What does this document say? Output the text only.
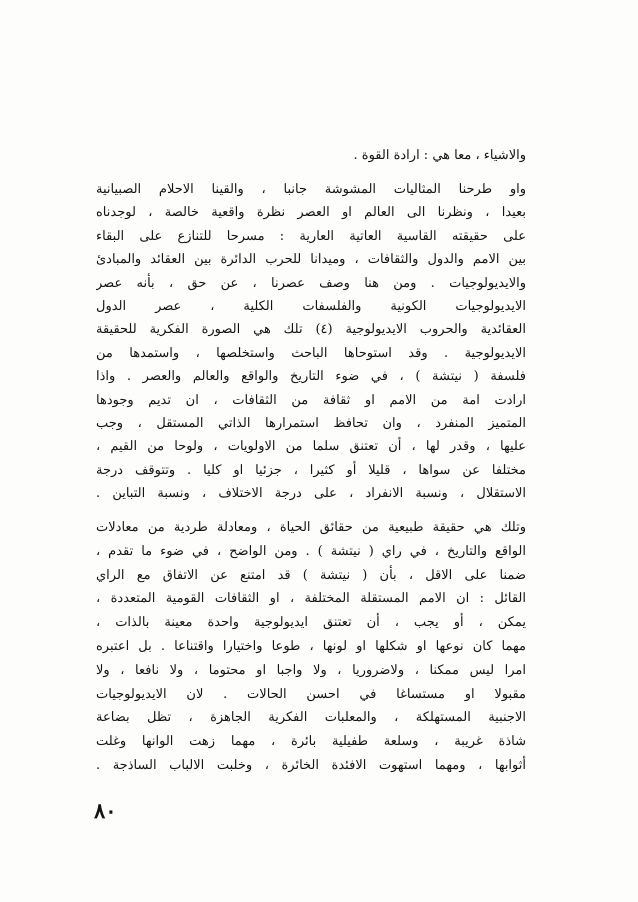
والاشياء ، معا هي : ارادة القوة .
واو طرحنا المثاليات المشوشة جانبا ، والقينا الاحلام الصبيانية
بعيدا ، ونظرنا الى العالم او العصر نظرة واقعية خالصة ، لوجدناه
على حقيقته القاسية العاتية العارية : مسرحا للتنازع على البقاء
بين الامم والدول والثقافات ، وميدانا للحرب الدائرة بين العقائد والمبادئ
والايديولوجيات . ومن هنا وصف عصرنا ، عن حق ، بأنه عصر
الايديولوجيات الكونية والفلسفات الكلية ، عصر الدول
العقائدية والحروب الايديولوجية (٤) تلك هي الصورة الفكرية للحقيقة
الايديولوجية . وقد استوحاها الباحث واستخلصها ، واستمدها من
فلسفة ( نيتشة ) ، في ضوء التاريخ والواقع والعالم والعصر . واذا
ارادت امة من الامم او ثقافة من الثقافات ، ان تديم وجودها
المتميز المنفرد ، وان تحافظ استمرارها الذاتي المستقل ، وجب
عليها ، وقدر لها ، أن تعتنق سلما من الاولويات ، ولوحا من القيم ،
مختلفا عن سواها ، قليلا أو كثيرا ، جزئيا او كليا . وتتوقف درجة
الاستقلال ، ونسبة الانفراد ، على درجة الاختلاف ، ونسبة التباين .
وتلك هي حقيقة طبيعية من حقائق الحياة ، ومعادلة طردية من معادلات
الواقع والتاريخ ، في راي ( نيتشة ) . ومن الواضح ، في ضوء ما تقدم ،
ضمنا على الاقل ، بأن ( نيتشة ) قد امتنع عن الاتفاق مع الراي
القائل : ان الامم المستقلة المختلفة ، او الثقافات القومية المتعددة ،
يمكن ، أو يجب ، أن تعتنق ايديولوجية واحدة معينة بالذات ،
مهما كان نوعها او شكلها او لونها ، طوعا واختيارا واقتناعا . بل اعتبره
امرا ليس ممكنا ، ولاضروريا ، ولا واجبا او محتوما ، ولا نافعا ، ولا
مقبولا او مستساغا في احسن الحالات . لان الايديولوجيات
الاجنبية المستهلكة ، والمعلبات الفكرية الجاهزة ، تظل بضاعة
شاذة غريبة ، وسلعة طفيلية بائرة ، مهما زهت الوانها وغلت
أثوابها ، ومهما استهوت الافئدة الخائرة ، وخلبت الالباب الساذجة .
٨٠
